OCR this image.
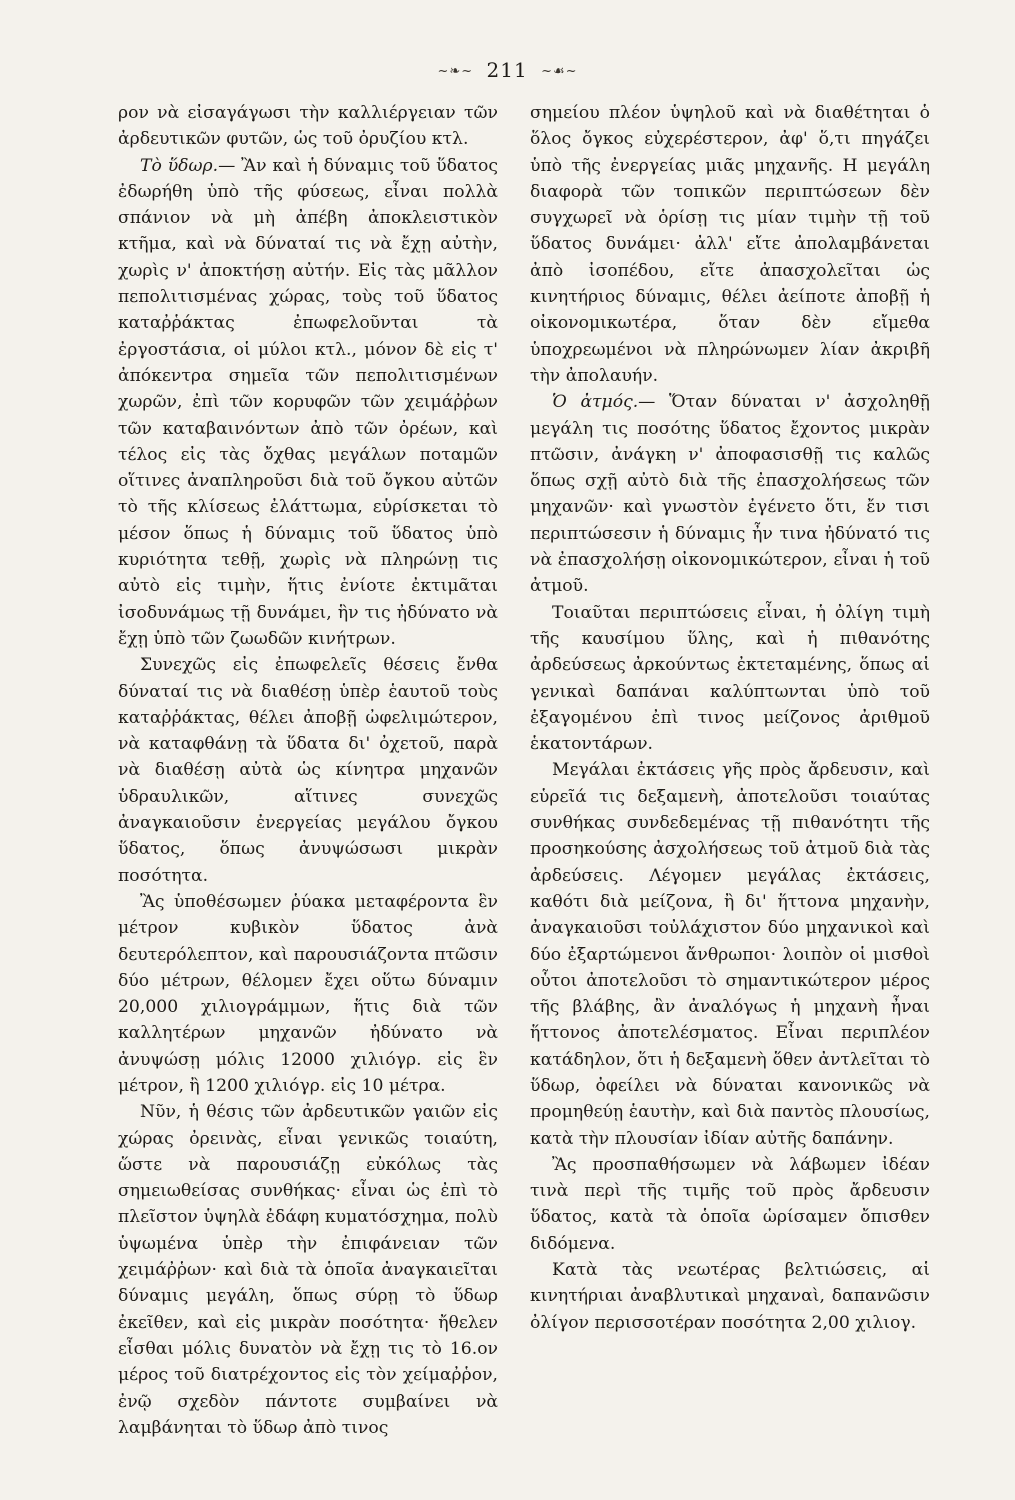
~❧~ 211 ~☙~

ρον νὰ εἰσαγάγωσι τὴν καλλιέργειαν τῶν ἀρδευτικῶν φυτῶν, ὡς τοῦ ὀρυζίου κτλ.

Τὸ ὕδωρ.— Ἂν καὶ ἡ δύναμις τοῦ ὕδατος ἐδωρήθη ὑπὸ τῆς φύσεως, εἶναι πολλὰ σπάνιον νὰ μὴ ἀπέβη ἀποκλειστικὸν κτῆμα, καὶ νὰ δύναταί τις νὰ ἔχῃ αὐτὴν, χωρὶς ν' ἀποκτήσῃ αὐτήν. Εἰς τὰς μᾶλλον πεπολιτισμένας χώρας, τοὺς τοῦ ὕδατος καταῤῥάκτας ἐπωφελοῦνται τὰ ἐργοστάσια, οἱ μύλοι κτλ., μόνον δὲ εἰς τ' ἀπόκεντρα σημεῖα τῶν πεπολιτισμένων χωρῶν, ἐπὶ τῶν κορυφῶν τῶν χειμάῤῥων τῶν καταβαινόντων ἀπὸ τῶν ὀρέων, καὶ τέλος εἰς τὰς ὄχθας μεγάλων ποταμῶν οἵτινες ἀναπληροῦσι διὰ τοῦ ὄγκου αὐτῶν τὸ τῆς κλίσεως ἐλάττωμα, εὑρίσκεται τὸ μέσον ὅπως ἡ δύναμις τοῦ ὕδατος ὑπὸ κυριότητα τεθῇ, χωρὶς νὰ πληρώνῃ τις αὐτὸ εἰς τιμὴν, ἥτις ἐνίοτε ἐκτιμᾶται ἰσοδυνάμως τῇ δυνάμει, ἣν τις ἠδύνατο νὰ ἔχῃ ὑπὸ τῶν ζωωδῶν κινήτρων.

Συνεχῶς εἰς ἐπωφελεῖς θέσεις ἔνθα δύναταί τις νὰ διαθέσῃ ὑπὲρ ἑαυτοῦ τοὺς καταῤῥάκτας, θέλει ἀποβῇ ὠφελιμώτερον, νὰ καταφθάνῃ τὰ ὕδατα δι' ὀχετοῦ, παρὰ νὰ διαθέσῃ αὐτὰ ὡς κίνητρα μηχανῶν ὑδραυλικῶν, αἵτινες συνεχῶς ἀναγκαιοῦσιν ἐνεργείας μεγάλου ὄγκου ὕδατος, ὅπως ἀνυψώσωσι μικρὰν ποσότητα.

Ἂς ὑποθέσωμεν ῥύακα μεταφέροντα ἓν μέτρον κυβικὸν ὕδατος ἀνὰ δευτερόλεπτον, καὶ παρουσιάζοντα πτῶσιν δύο μέτρων, θέλομεν ἔχει οὕτω δύναμιν 20,000 χιλιογράμμων, ἥτις διὰ τῶν καλλητέρων μηχανῶν ἠδύνατο νὰ ἀνυψώσῃ μόλις 12000 χιλιόγρ. εἰς ἓν μέτρον, ἢ 1200 χιλιόγρ. εἰς 10 μέτρα.

Νῦν, ἡ θέσις τῶν ἀρδευτικῶν γαιῶν εἰς χώρας ὀρεινὰς, εἶναι γενικῶς τοιαύτη, ὥστε νὰ παρουσιάζῃ εὐκόλως τὰς σημειωθείσας συνθήκας· εἶναι ὡς ἐπὶ τὸ πλεῖστον ὑψηλὰ ἐδάφη κυματόσχημα, πολὺ ὑψωμένα ὑπὲρ τὴν ἐπιφάνειαν τῶν χειμάῤῥων· καὶ διὰ τὰ ὁποῖα ἀναγκαιεῖται δύναμις μεγάλη, ὅπως σύρῃ τὸ ὕδωρ ἐκεῖθεν, καὶ εἰς μικρὰν ποσότητα· ἤθελεν εἶσθαι μόλις δυνατὸν νὰ ἔχῃ τις τὸ 16.ον μέρος τοῦ διατρέχοντος εἰς τὸν χείμαῤῥον, ἐνῷ σχεδὸν πάντοτε συμβαίνει νὰ λαμβάνηται τὸ ὕδωρ ἀπὸ τινος

σημείου πλέον ὑψηλοῦ καὶ νὰ διαθέτηται ὁ ὅλος ὄγκος εὐχερέστερον, ἀφ' ὅ,τι πηγάζει ὑπὸ τῆς ἐνεργείας μιᾶς μηχανῆς. Η μεγάλη διαφορὰ τῶν τοπικῶν περιπτώσεων δὲν συγχωρεῖ νὰ ὁρίσῃ τις μίαν τιμὴν τῇ τοῦ ὕδατος δυνάμει· ἀλλ' εἴτε ἀπολαμβάνεται ἀπὸ ἰσοπέδου, εἴτε ἀπασχολεῖται ὡς κινητήριος δύναμις, θέλει ἀείποτε ἀποβῇ ἡ οἰκονομικωτέρα, ὅταν δὲν εἴμεθα ὑποχρεωμένοι νὰ πληρώνωμεν λίαν ἀκριβῆ τὴν ἀπολαυήν.

Ὁ ἀτμός.— Ὅταν δύναται ν' ἀσχοληθῇ μεγάλη τις ποσότης ὕδατος ἔχοντος μικρὰν πτῶσιν, ἀνάγκη ν' ἀποφασισθῇ τις καλῶς ὅπως σχῇ αὐτὸ διὰ τῆς ἐπασχολήσεως τῶν μηχανῶν· καὶ γνωστὸν ἐγένετο ὅτι, ἔν τισι περιπτώσεσιν ἡ δύναμις ἦν τινα ἠδύνατό τις νὰ ἐπασχολήσῃ οἰκονομικώτερον, εἶναι ἡ τοῦ ἀτμοῦ.

Τοιαῦται περιπτώσεις εἶναι, ἡ ὀλίγη τιμὴ τῆς καυσίμου ὕλης, καὶ ἡ πιθανότης ἀρδεύσεως ἀρκούντως ἐκτεταμένης, ὅπως αἱ γενικαὶ δαπάναι καλύπτωνται ὑπὸ τοῦ ἐξαγομένου ἐπὶ τινος μείζονος ἀριθμοῦ ἑκατοντάρων.

Μεγάλαι ἐκτάσεις γῆς πρὸς ἄρδευσιν, καὶ εὑρεῖά τις δεξαμενὴ, ἀποτελοῦσι τοιαύτας συνθήκας συνδεδεμένας τῇ πιθανότητι τῆς προσηκούσης ἀσχολήσεως τοῦ ἀτμοῦ διὰ τὰς ἀρδεύσεις. Λέγομεν μεγάλας ἐκτάσεις, καθότι διὰ μείζονα, ἢ δι' ἥττονα μηχανὴν, ἀναγκαιοῦσι τοὐλάχιστον δύο μηχανικοὶ καὶ δύο ἐξαρτώμενοι ἄνθρωποι· λοιπὸν οἱ μισθοὶ οὗτοι ἀποτελοῦσι τὸ σημαντικώτερον μέρος τῆς βλάβης, ἂν ἀναλόγως ἡ μηχανὴ ἦναι ἥττονος ἀποτελέσματος. Εἶναι περιπλέον κατάδηλον, ὅτι ἡ δεξαμενὴ ὅθεν ἀντλεῖται τὸ ὕδωρ, ὀφείλει νὰ δύναται κανονικῶς νὰ προμηθεύῃ ἑαυτὴν, καὶ διὰ παντὸς πλουσίως, κατὰ τὴν πλουσίαν ἰδίαν αὐτῆς δαπάνην.

Ἂς προσπαθήσωμεν νὰ λάβωμεν ἰδέαν τινὰ περὶ τῆς τιμῆς τοῦ πρὸς ἄρδευσιν ὕδατος, κατὰ τὰ ὁποῖα ὡρίσαμεν ὄπισθεν διδόμενα.

Κατὰ τὰς νεωτέρας βελτιώσεις, αἱ κινητήριαι ἀναβλυτικαὶ μηχαναὶ, δαπανῶσιν ὀλίγον περισσοτέραν ποσότητα 2,00 χιλιογ.
